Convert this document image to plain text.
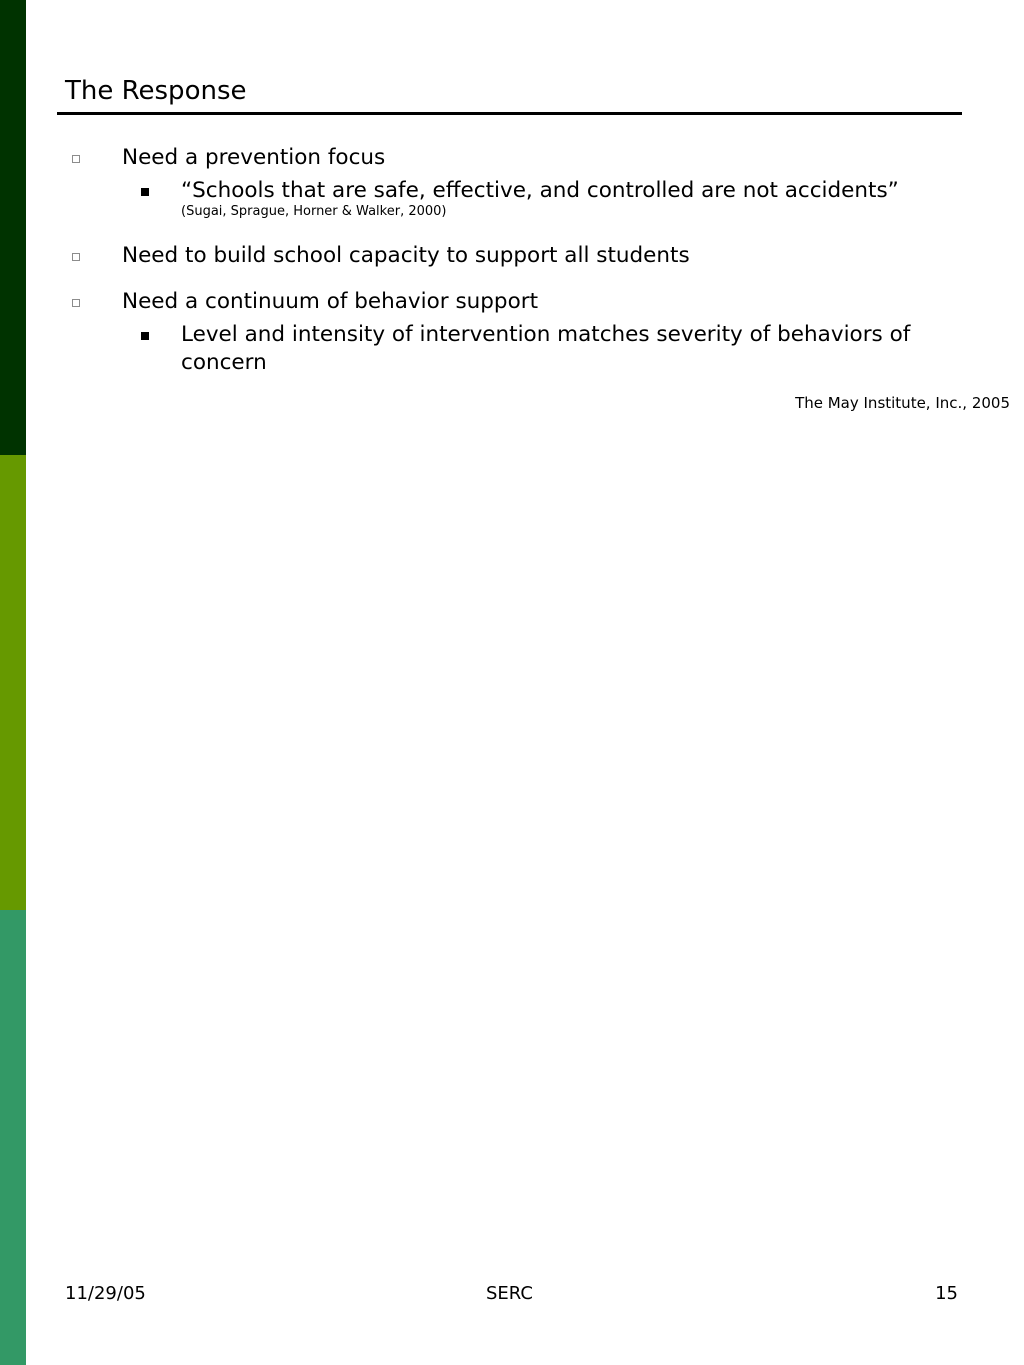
The Response
Need a prevention focus
“Schools that are safe, effective, and controlled are not accidents”
(Sugai, Sprague, Horner & Walker, 2000)
Need to build school capacity to support all students
Need a continuum of behavior support
Level and intensity of intervention matches severity of behaviors of
concern
The May Institute, Inc., 2005
11/29/05	SERC	15
